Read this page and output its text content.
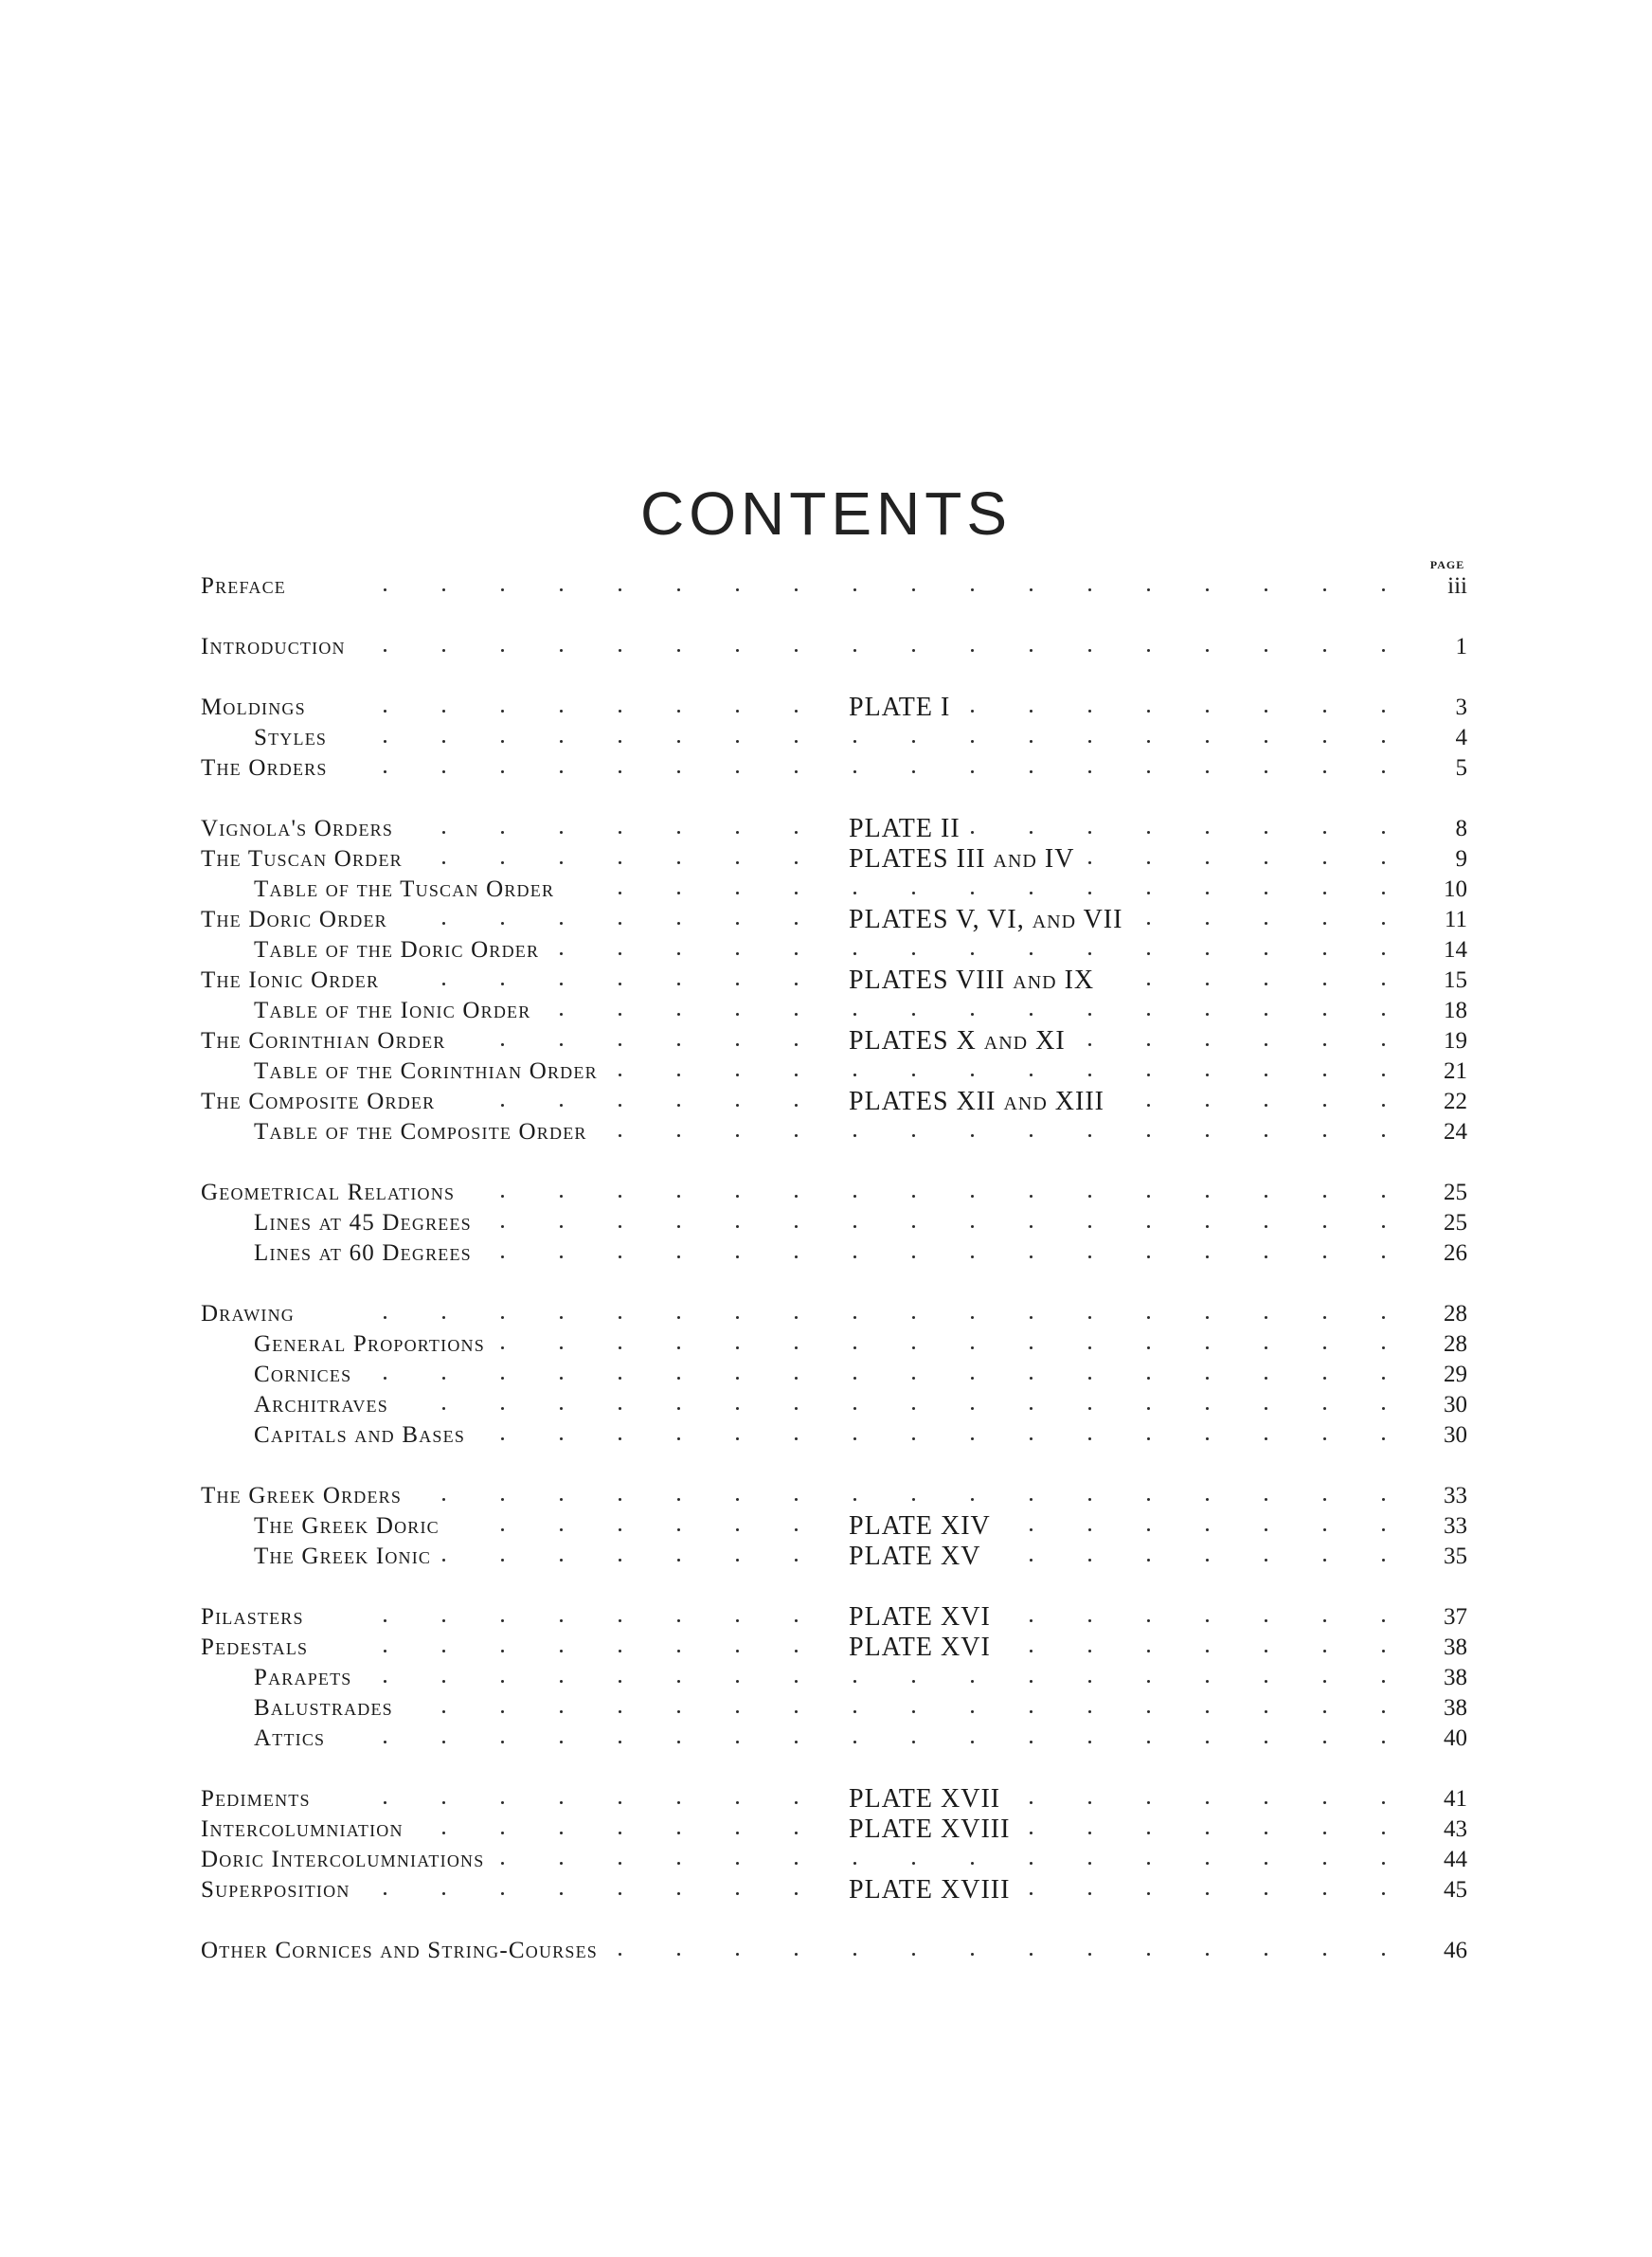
CONTENTS
PAGE
Preface	iii
Introduction	1
Moldings	PLATE I	3
Styles	4
The Orders	5
Vignola's Orders	PLATE II	8
The Tuscan Order	PLATES III and IV	9
Table of the Tuscan Order	10
The Doric Order	PLATES V, VI, and VII	11
Table of the Doric Order	14
The Ionic Order	PLATES VIII and IX	15
Table of the Ionic Order	18
The Corinthian Order	PLATES X and XI	19
Table of the Corinthian Order	21
The Composite Order	PLATES XII and XIII	22
Table of the Composite Order	24
Geometrical Relations	25
Lines at 45 Degrees	25
Lines at 60 Degrees	26
Drawing	28
General Proportions	28
Cornices	29
Architraves	30
Capitals and Bases	30
The Greek Orders	33
The Greek Doric	PLATE XIV	33
The Greek Ionic	PLATE XV	35
Pilasters	PLATE XVI	37
Pedestals	PLATE XVI	38
Parapets	38
Balustrades	38
Attics	40
Pediments	PLATE XVII	41
Intercolumniation	PLATE XVIII	43
Doric Intercolumniations	44
Superposition	PLATE XVIII	45
Other Cornices and String-Courses	46
